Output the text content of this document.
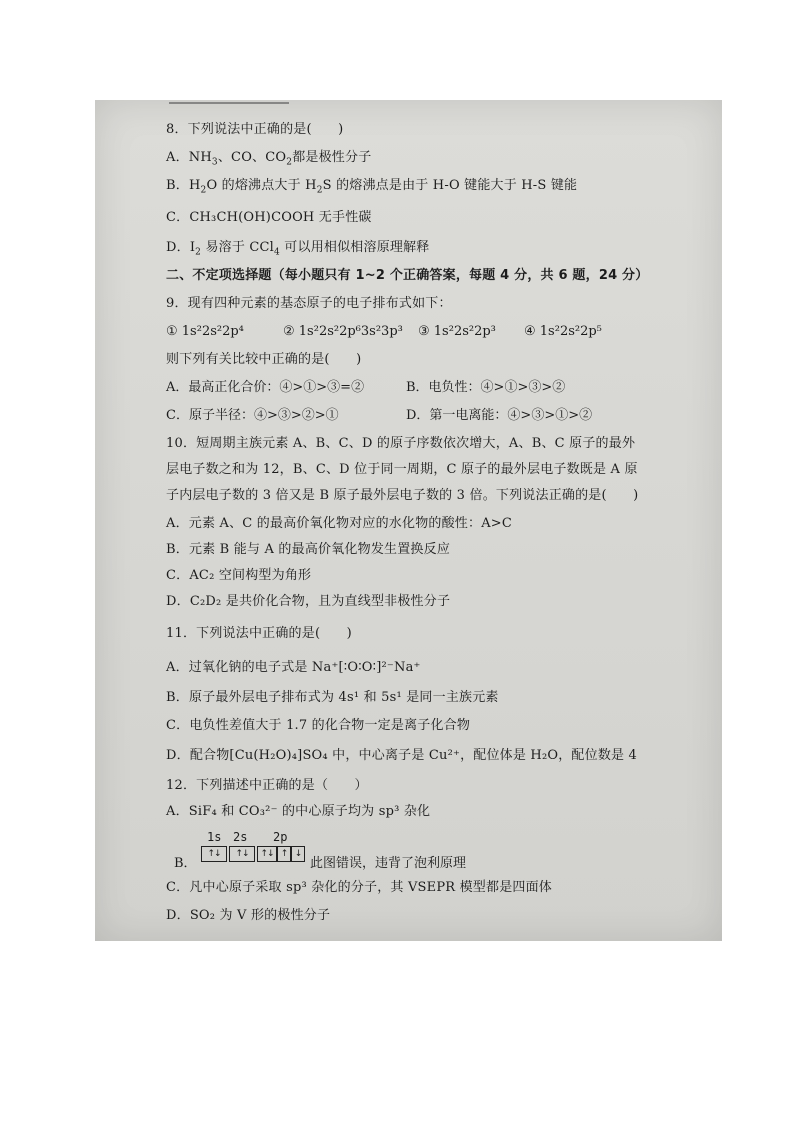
8．下列说法中正确的是(　　)
A．$NH_3$、CO、$CO_2$都是极性分子
B．$H_2O$ 的熔沸点大于 $H_2S$ 的熔沸点是由于 H-O 键能大于 H-S 键能
C．CH₃CH(OH)COOH 无手性碳
D．$I_2$ 易溶于 CCl$_4$ 可以用相似相溶原理解释
二、不定项选择题（每小题只有 1~2 个正确答案，每题 4 分，共 6 题，24 分）
9．现有四种元素的基态原子的电子排布式如下：
① 1s²2s²2p⁴	② 1s²2s²2p⁶3s²3p³ ③ 1s²2s²2p³ ④ 1s²2s²2p⁵
则下列有关比较中正确的是(　　)
A．最高正化合价：④>①>③=②	B．电负性：④>①>③>②
C．原子半径：④>③>②>①	D．第一电离能：④>③>①>②
10．短周期主族元素 A、B、C、D 的原子序数依次增大，A、B、C 原子的最外
层电子数之和为 12，B、C、D 位于同一周期，C 原子的最外层电子数既是 A 原
子内层电子数的 3 倍又是 B 原子最外层电子数的 3 倍。下列说法正确的是(　　)
A．元素 A、C 的最高价氧化物对应的水化物的酸性：A>C
B．元素 B 能与 A 的最高价氧化物发生置换反应
C．AC₂ 空间构型为角形
D．C₂D₂ 是共价化合物，且为直线型非极性分子
11．下列说法中正确的是(　　)
A．过氧化钠的电子式是 Na⁺[∶O∶O∶]²⁻Na⁺
B．原子最外层电子排布式为 4s¹ 和 5s¹ 是同一主族元素
C．电负性差值大于 1.7 的化合物一定是离子化合物
D．配合物[Cu(H₂O)₄]SO₄ 中，中心离子是 Cu²⁺，配位体是 H₂O，配位数是 4
12．下列描述中正确的是（　　）
A．SiF₄ 和 CO₃²⁻ 的中心原子均为 sp³ 杂化
1s 2s 2p
↑↓	↑↓	↑↓ ↑ ↓
B．	此图错误，违背了泡利原理
C．凡中心原子采取 sp³ 杂化的分子，其 VSEPR 模型都是四面体
D．SO₂ 为 V 形的极性分子
